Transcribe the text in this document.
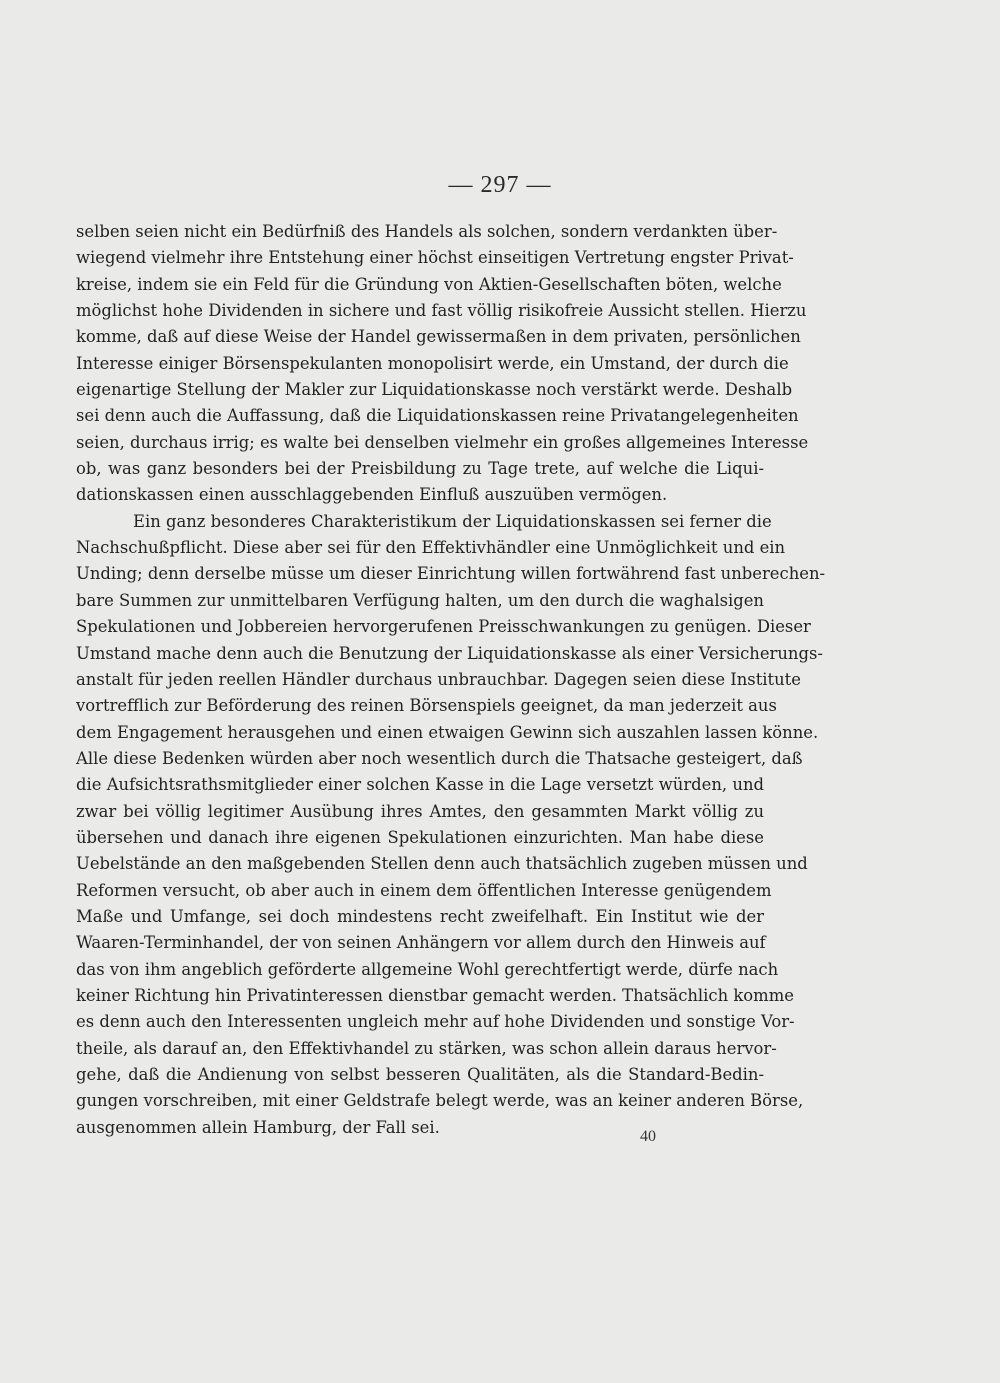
— 297 —
selben seien nicht ein Bedürfniß des Handels als solchen, sondern verdankten über-
wiegend vielmehr ihre Entstehung einer höchst einseitigen Vertretung engster Privat-
kreise, indem sie ein Feld für die Gründung von Aktien-Gesellschaften böten, welche
möglichst hohe Dividenden in sichere und fast völlig risikofreie Aussicht stellen. Hierzu
komme, daß auf diese Weise der Handel gewissermaßen in dem privaten, persönlichen
Interesse einiger Börsenspekulanten monopolisirt werde, ein Umstand, der durch die
eigenartige Stellung der Makler zur Liquidationskasse noch verstärkt werde. Deshalb
sei denn auch die Auffassung, daß die Liquidationskassen reine Privatangelegenheiten
seien, durchaus irrig; es walte bei denselben vielmehr ein großes allgemeines Interesse
ob, was ganz besonders bei der Preisbildung zu Tage trete, auf welche die Liqui-
dationskassen einen ausschlaggebenden Einfluß auszuüben vermögen.
Ein ganz besonderes Charakteristikum der Liquidationskassen sei ferner die
Nachschußpflicht. Diese aber sei für den Effektivhändler eine Unmöglichkeit und ein
Unding; denn derselbe müsse um dieser Einrichtung willen fortwährend fast unberechen-
bare Summen zur unmittelbaren Verfügung halten, um den durch die waghalsigen
Spekulationen und Jobbereien hervorgerufenen Preisschwankungen zu genügen. Dieser
Umstand mache denn auch die Benutzung der Liquidationskasse als einer Versicherungs-
anstalt für jeden reellen Händler durchaus unbrauchbar. Dagegen seien diese Institute
vortrefflich zur Beförderung des reinen Börsenspiels geeignet, da man jederzeit aus
dem Engagement herausgehen und einen etwaigen Gewinn sich auszahlen lassen könne.
Alle diese Bedenken würden aber noch wesentlich durch die Thatsache gesteigert, daß
die Aufsichtsrathsmitglieder einer solchen Kasse in die Lage versetzt würden, und
zwar bei völlig legitimer Ausübung ihres Amtes, den gesammten Markt völlig zu
übersehen und danach ihre eigenen Spekulationen einzurichten. Man habe diese
Uebelstände an den maßgebenden Stellen denn auch thatsächlich zugeben müssen und
Reformen versucht, ob aber auch in einem dem öffentlichen Interesse genügendem
Maße und Umfange, sei doch mindestens recht zweifelhaft. Ein Institut wie der
Waaren-Terminhandel, der von seinen Anhängern vor allem durch den Hinweis auf
das von ihm angeblich geförderte allgemeine Wohl gerechtfertigt werde, dürfe nach
keiner Richtung hin Privatinteressen dienstbar gemacht werden. Thatsächlich komme
es denn auch den Interessenten ungleich mehr auf hohe Dividenden und sonstige Vor-
theile, als darauf an, den Effektivhandel zu stärken, was schon allein daraus hervor-
gehe, daß die Andienung von selbst besseren Qualitäten, als die Standard-Bedin-
gungen vorschreiben, mit einer Geldstrafe belegt werde, was an keiner anderen Börse,
ausgenommen allein Hamburg, der Fall sei.	40
